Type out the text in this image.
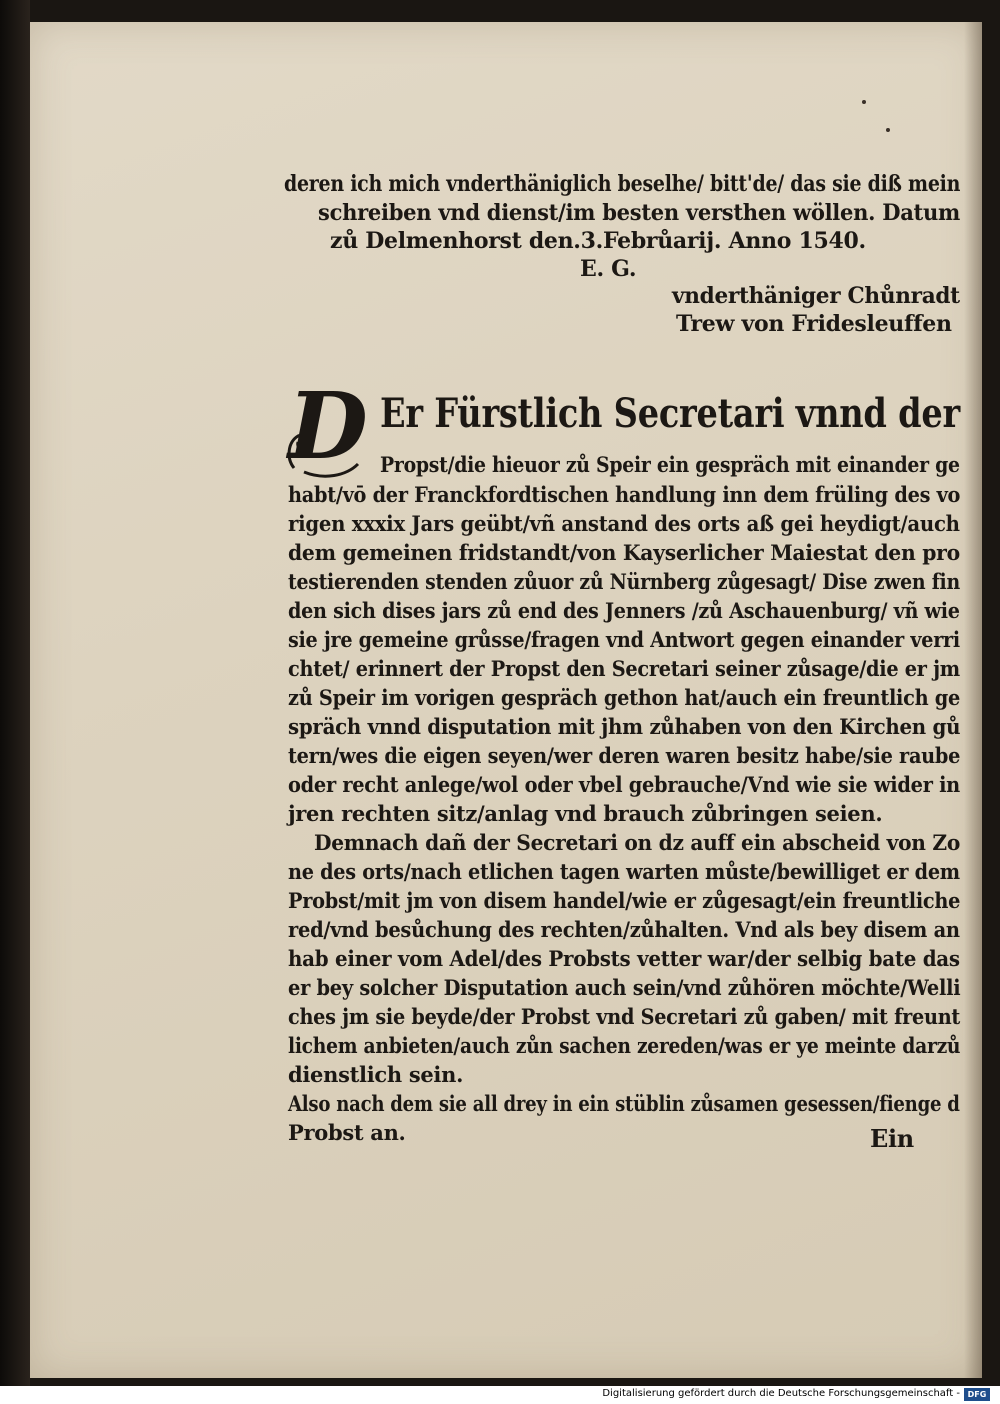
deren ich mich vnderthäniglich beselhe/ bitt'de/ das sie diß mein
schreiben vnd dienst/im besten versthen wöllen. Datum
zů Delmenhorst den.3.Febrůarij. Anno 1540.
E. G.
vnderthäniger Chůnradt
Trew von Fridesleuffen
D Er Fürstlich Secretari vnnd der
Propst/die hieuor zů Speir ein gespräch mit einander ge
habt/vō der Franckfordtischen handlung inn dem früling des vo
rigen xxxix Jars geübt/vñ anstand des orts aß gei heydigt/auch
dem gemeinen fridstandt/von Kayserlicher Maiestat den pro
testierenden stenden zůuor zů Nürnberg zůgesagt/ Dise zwen fin
den sich dises jars zů end des Jenners /zů Aschauenburg/ vñ wie
sie jre gemeine grůsse/fragen vnd Antwort gegen einander verri
chtet/ erinnert der Propst den Secretari seiner zůsage/die er jm
zů Speir im vorigen gespräch gethon hat/auch ein freuntlich ge
spräch vnnd disputation mit jhm zůhaben von den Kirchen gů
tern/wes die eigen seyen/wer deren waren besitz habe/sie raube
oder recht anlege/wol oder vbel gebrauche/Vnd wie sie wider in
jren rechten sitz/anlag vnd brauch zůbringen seien.
Demnach dañ der Secretari on dz auff ein abscheid von Zo
ne des orts/nach etlichen tagen warten můste/bewilliget er dem
Probst/mit jm von disem handel/wie er zůgesagt/ein freuntliche
red/vnd besůchung des rechten/zůhalten. Vnd als bey disem an
hab einer vom Adel/des Probsts vetter war/der selbig bate das
er bey solcher Disputation auch sein/vnd zůhören möchte/Welli
ches jm sie beyde/der Probst vnd Secretari zů gaben/ mit freunt
lichem anbieten/auch zůn sachen zereden/was er ye meinte darzů
dienstlich sein.
Also nach dem sie all drey in ein stüblin zůsamen gesessen/fienge d
Probst an.	Ein
Digitalisierung gefördert durch die Deutsche Forschungsgemeinschaft - DFG
